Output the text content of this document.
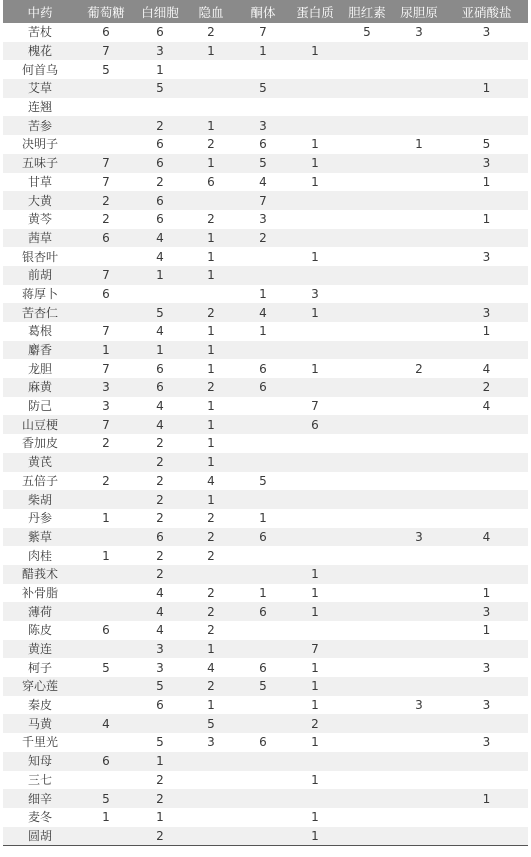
中药	葡萄糖	白细胞	隐血	酮体	蛋白质	胆红素	尿胆原	亚硝酸盐
苦杖	6	6	2	7		5	3	3
槐花	7	3	1	1	1			
何首乌	5	1						
艾草		5		5				1
连翘								
苦参		2	1	3				
决明子		6	2	6	1		1	5
五味子	7	6	1	5	1			3
甘草	7	2	6	4	1			1
大黄	2	6		7				
黄芩	2	6	2	3				1
茜草	6	4	1	2				
银杏叶		4	1		1			3
前胡	7	1	1					
蒋厚卜	6			1	3			
苦杏仁		5	2	4	1			3
葛根	7	4	1	1				1
麝香	1	1	1					
龙胆	7	6	1	6	1		2	4
麻黄	3	6	2	6				2
防己	3	4	1		7			4
山豆梗	7	4	1		6			
香加皮	2	2	1					
黄芪		2	1					
五倍子	2	2	4	5				
柴胡		2	1					
丹参	1	2	2	1				
紫草		6	2	6			3	4
肉桂	1	2	2					
醋莪术		2			1			
补骨脂		4	2	1	1			1
薄荷		4	2	6	1			3
陈皮	6	4	2					1
黄连		3	1		7			
柯子	5	3	4	6	1			3
穿心莲		5	2	5	1			
秦皮		6	1		1		3	3
马黄	4		5		2			
千里光		5	3	6	1			3
知母	6	1						
三七		2			1			
细辛	5	2						1
麦冬	1	1			1			
圆胡		2			1			
